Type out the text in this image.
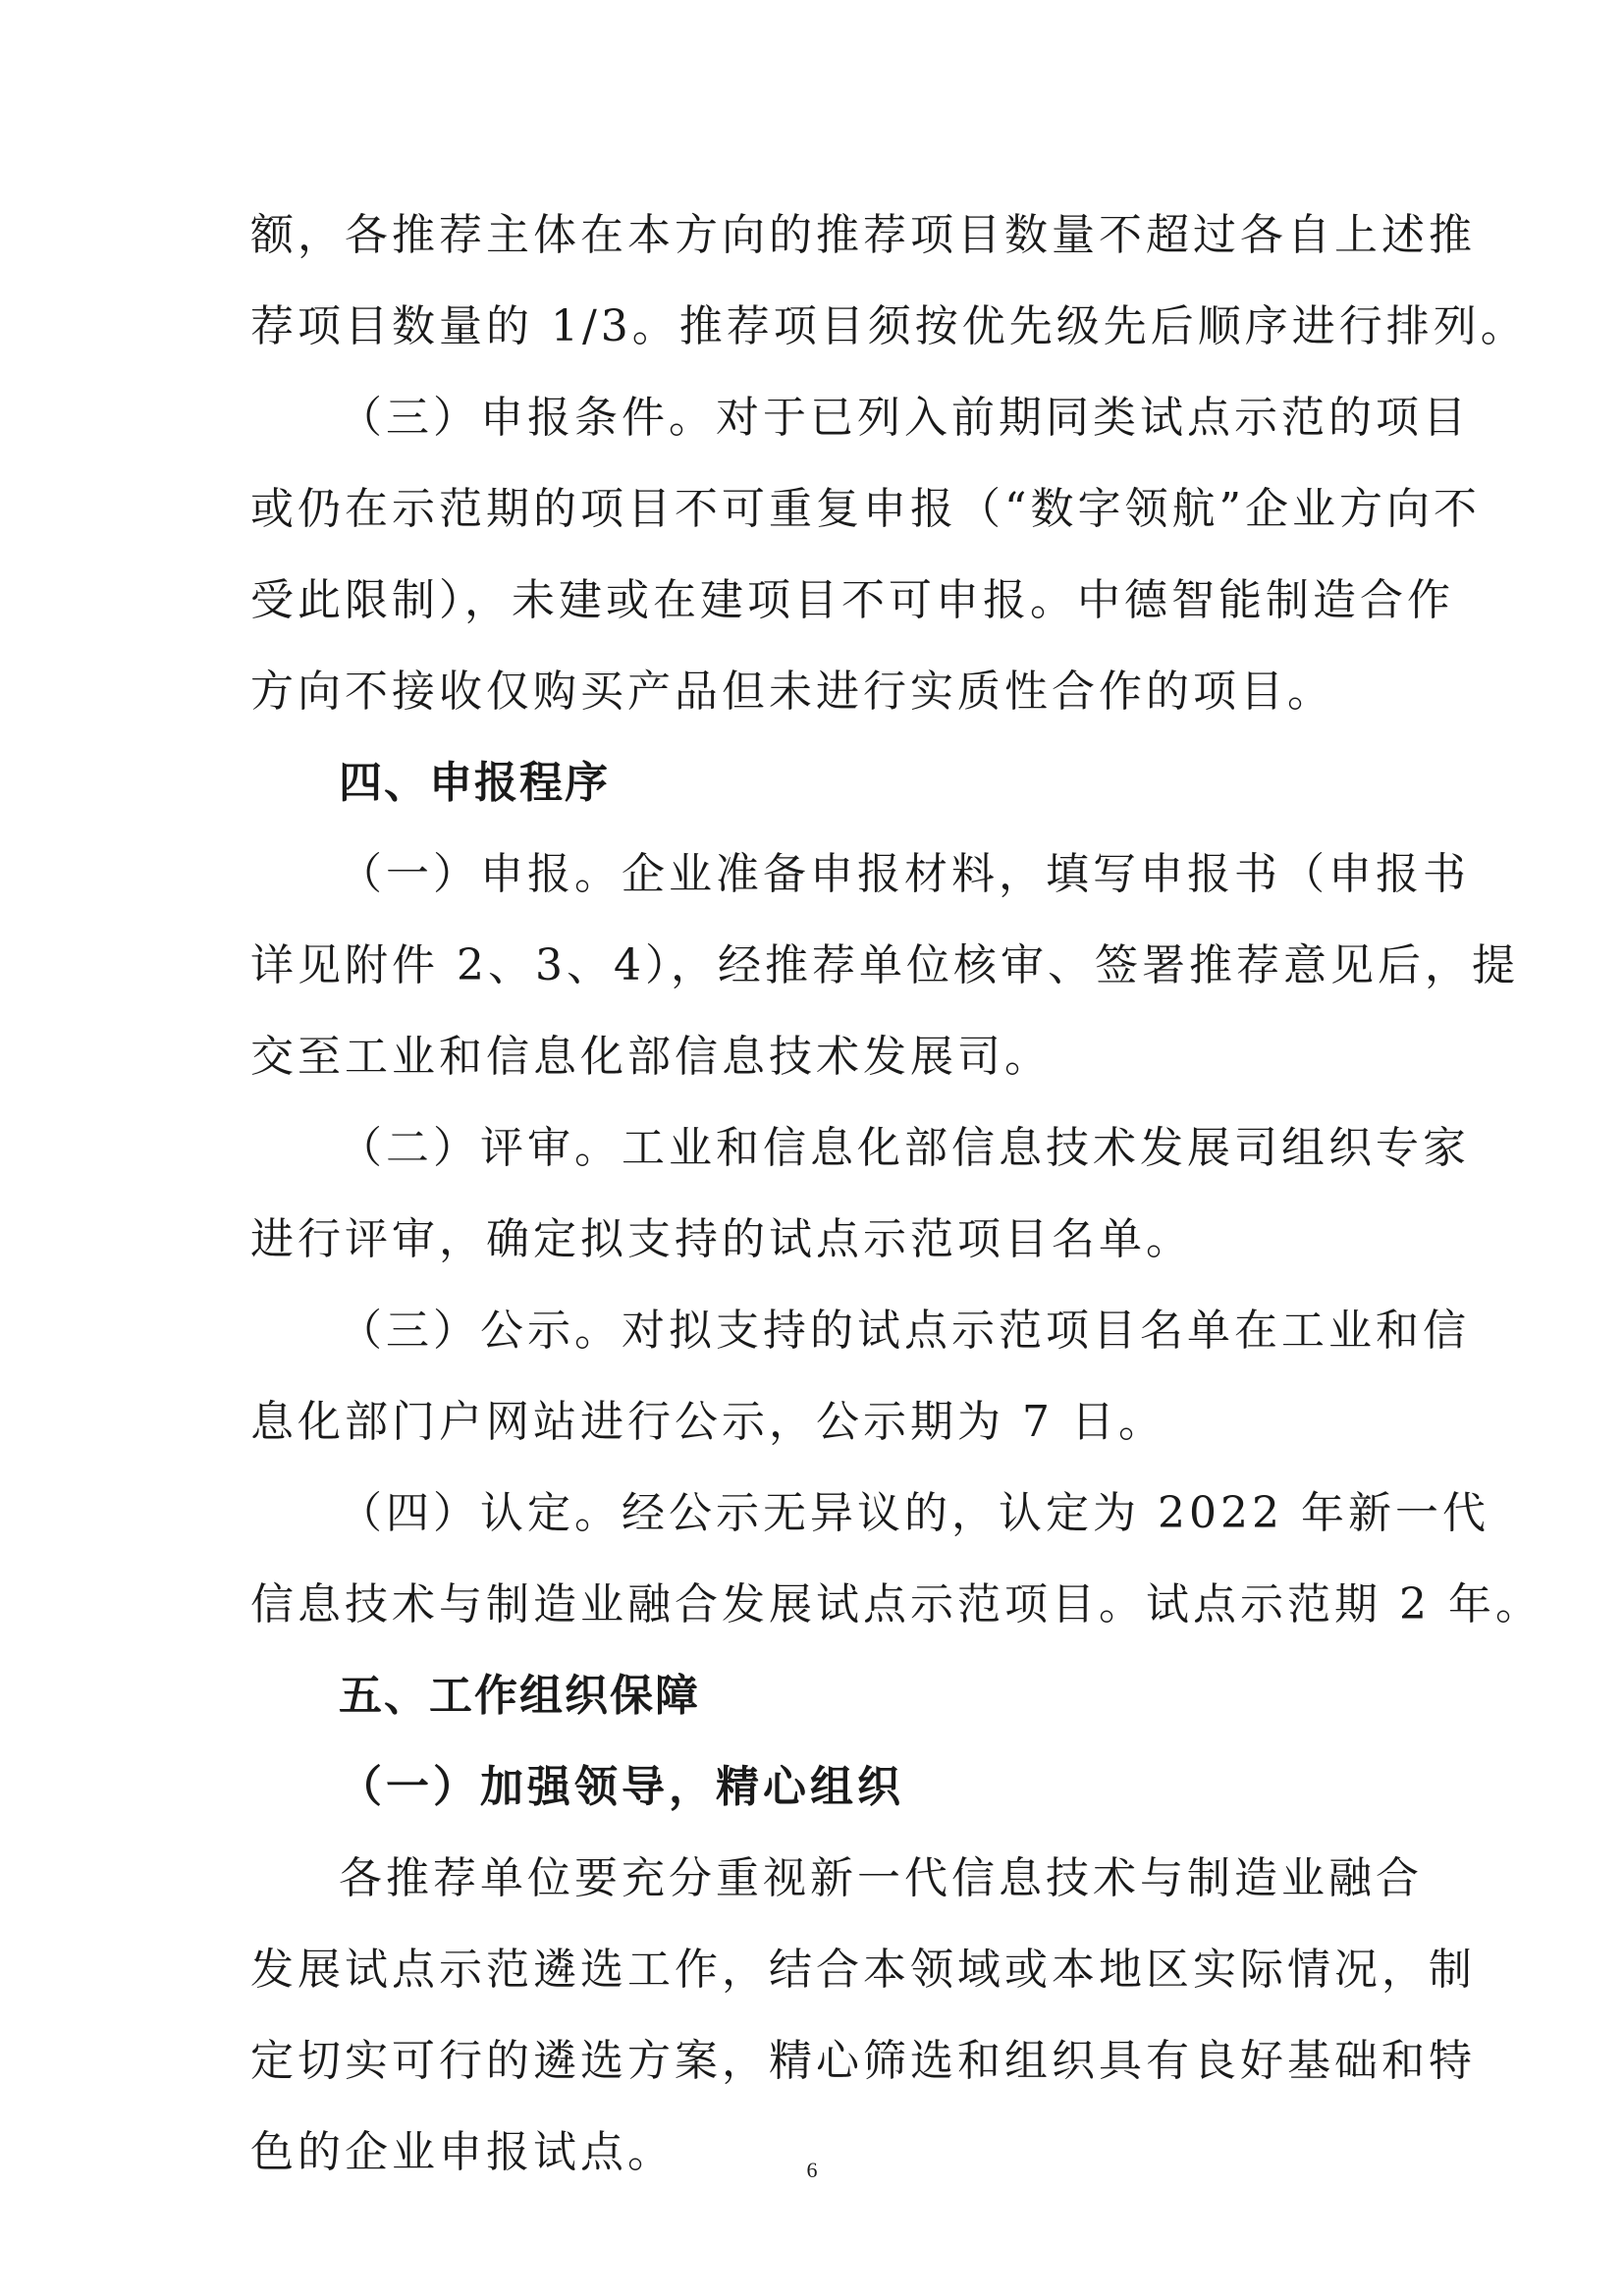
额，各推荐主体在本方向的推荐项目数量不超过各自上述推
荐项目数量的 1/3。推荐项目须按优先级先后顺序进行排列。
（三）申报条件。对于已列入前期同类试点示范的项目
或仍在示范期的项目不可重复申报（“数字领航”企业方向不
受此限制），未建或在建项目不可申报。中德智能制造合作
方向不接收仅购买产品但未进行实质性合作的项目。
四、申报程序
（一）申报。企业准备申报材料，填写申报书（申报书
详见附件 2、3、4），经推荐单位核审、签署推荐意见后，提
交至工业和信息化部信息技术发展司。
（二）评审。工业和信息化部信息技术发展司组织专家
进行评审，确定拟支持的试点示范项目名单。
（三）公示。对拟支持的试点示范项目名单在工业和信
息化部门户网站进行公示，公示期为 7 日。
（四）认定。经公示无异议的，认定为 2022 年新一代
信息技术与制造业融合发展试点示范项目。试点示范期 2 年。
五、工作组织保障
（一）加强领导，精心组织
各推荐单位要充分重视新一代信息技术与制造业融合
发展试点示范遴选工作，结合本领域或本地区实际情况，制
定切实可行的遴选方案，精心筛选和组织具有良好基础和特
色的企业申报试点。	6
